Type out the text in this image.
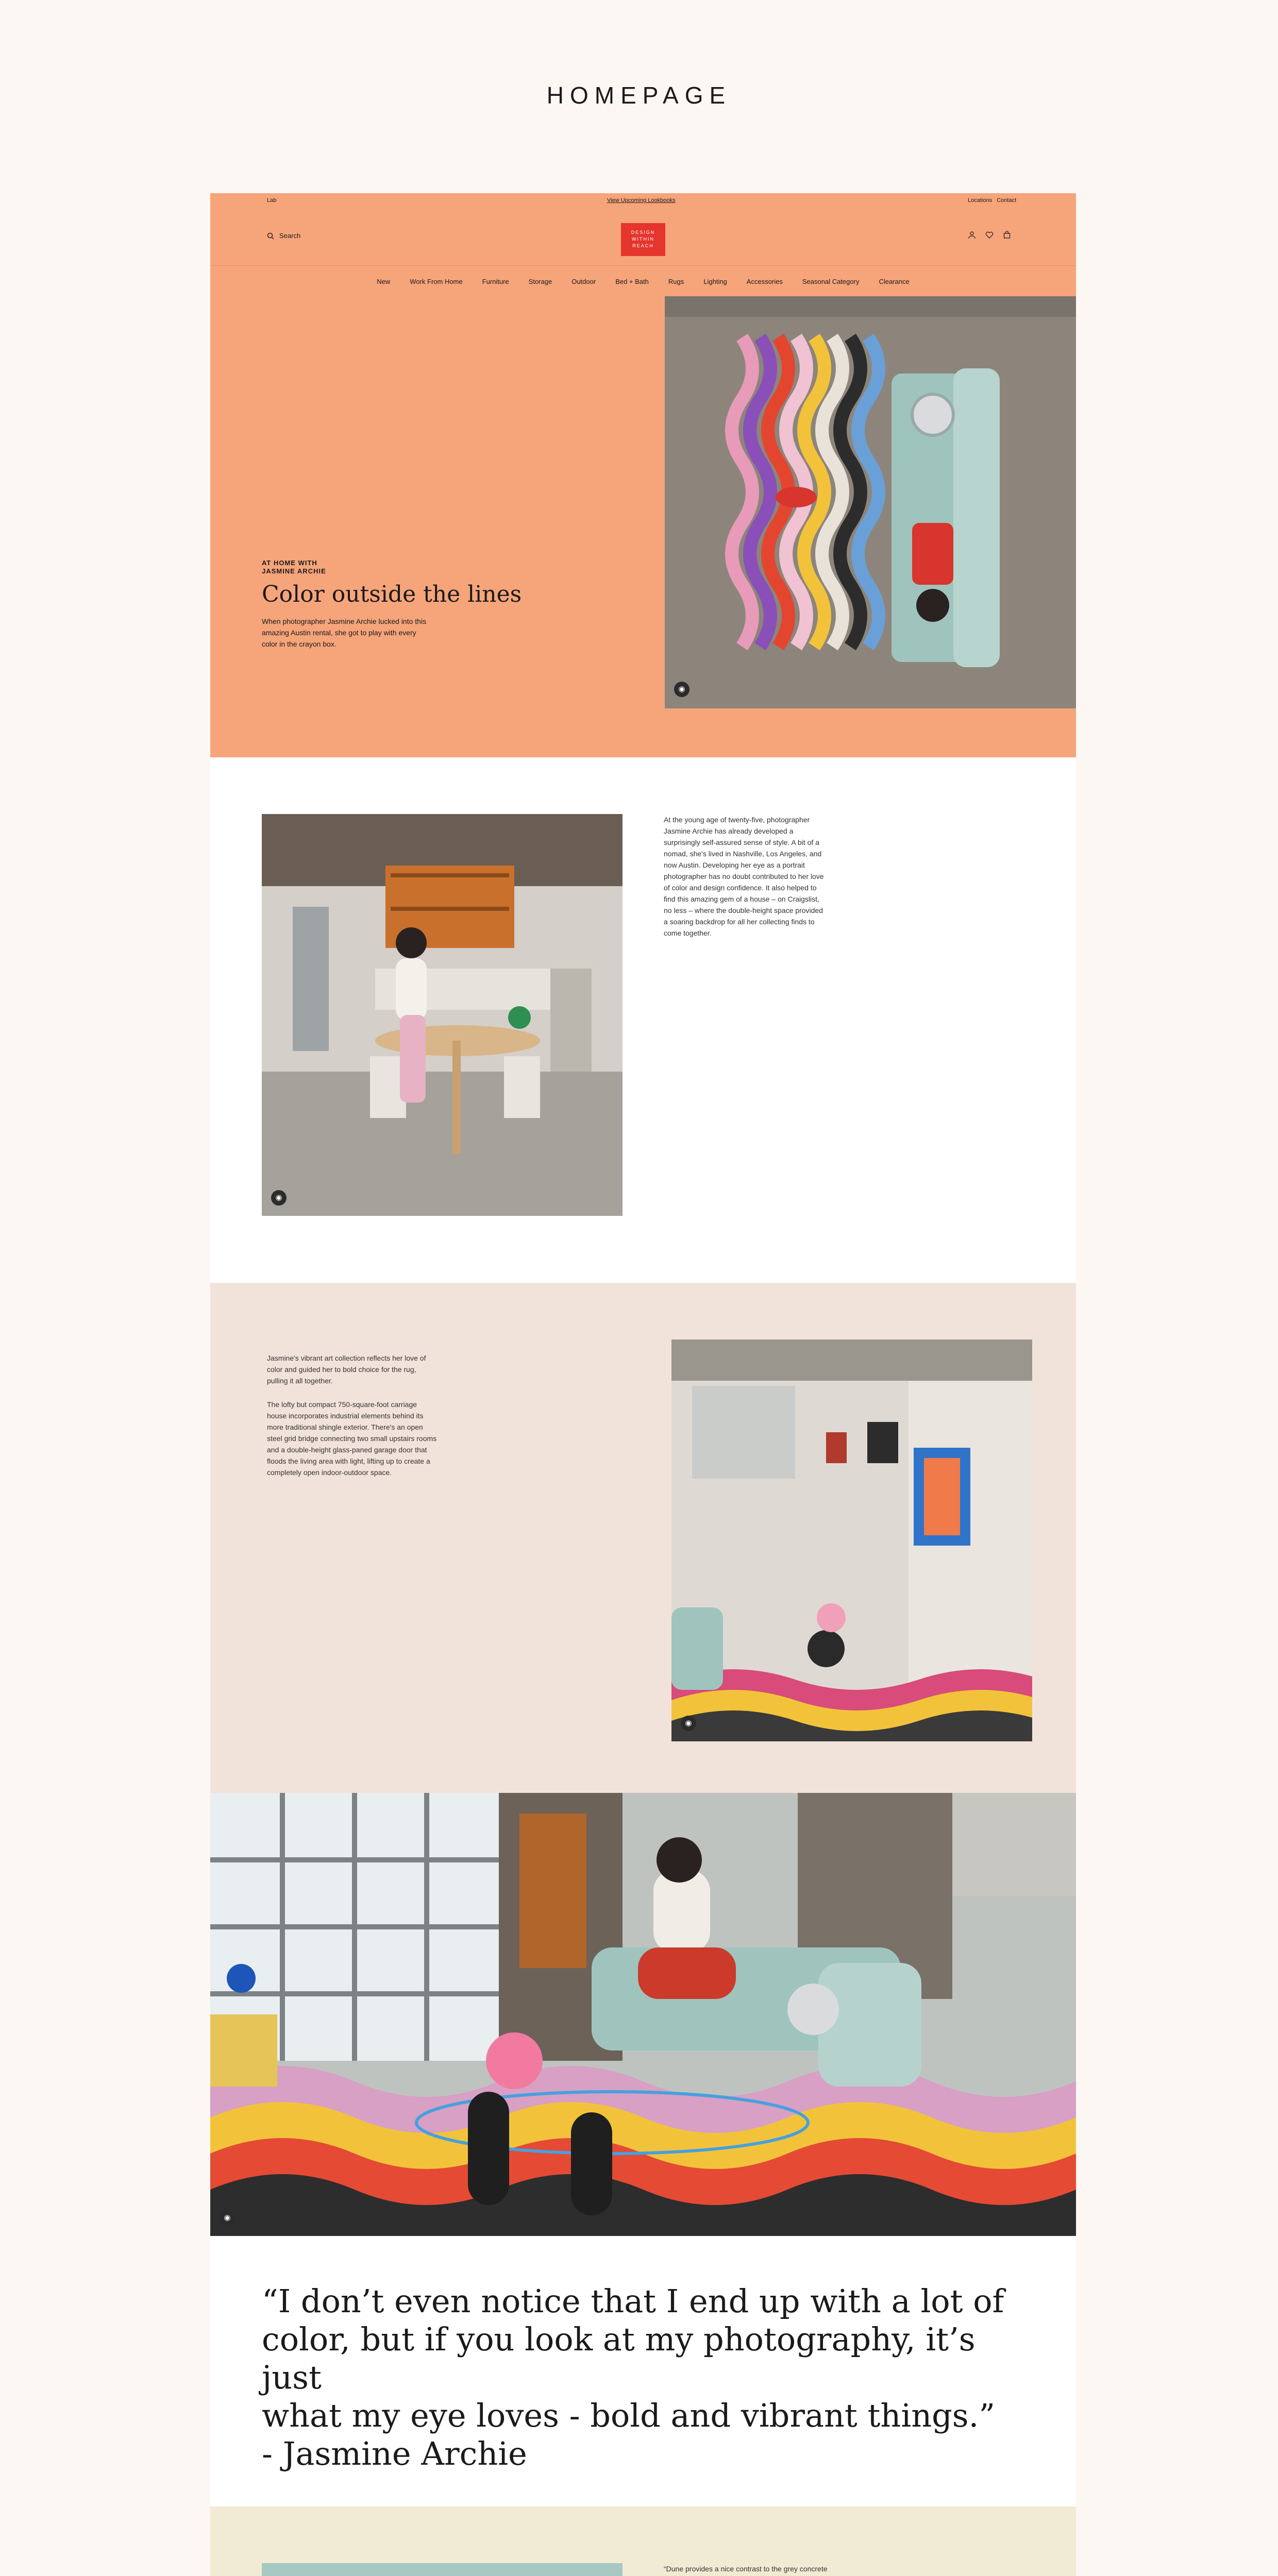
HOMEPAGE
Lab	View Upcoming Lookbooks	Locations   Contact
Search	DESIGN WITHIN REACH
New	Work From Home	Furniture	Storage	Outdoor	Bed + Bath	Rugs	Lighting	Accessories	Seasonal Category	Clearance
AT HOME WITH
JASMINE ARCHIE
Color outside the lines
When photographer Jasmine Archie lucked into this amazing Austin rental, she got to play with every color in the crayon box.
◉
◉
At the young age of twenty-five, photographer Jasmine Archie has already developed a surprisingly self-assured sense of style. A bit of a nomad, she's lived in Nashville, Los Angeles, and now Austin. Developing her eye as a portrait photographer has no doubt contributed to her love of color and design confidence. It also helped to find this amazing gem of a house – on Craigslist, no less – where the double-height space provided a soaring backdrop for all her collecting finds to come together.
Jasmine's vibrant art collection reflects her love of color and guided her to bold choice for the rug, pulling it all together.
The lofty but compact 750-square-foot carriage house incorporates industrial elements behind its more traditional shingle exterior. There's an open steel grid bridge connecting two small upstairs rooms and a double-height glass-paned garage door that floods the living area with light, lifting up to create a completely open indoor-outdoor space.
◉
◉
“I don’t even notice that I end up with a lot of
color, but if you look at my photography, it’s just
what my eye loves - bold and vibrant things.”
- Jasmine Archie
“Dune provides a nice contrast to the grey concrete
